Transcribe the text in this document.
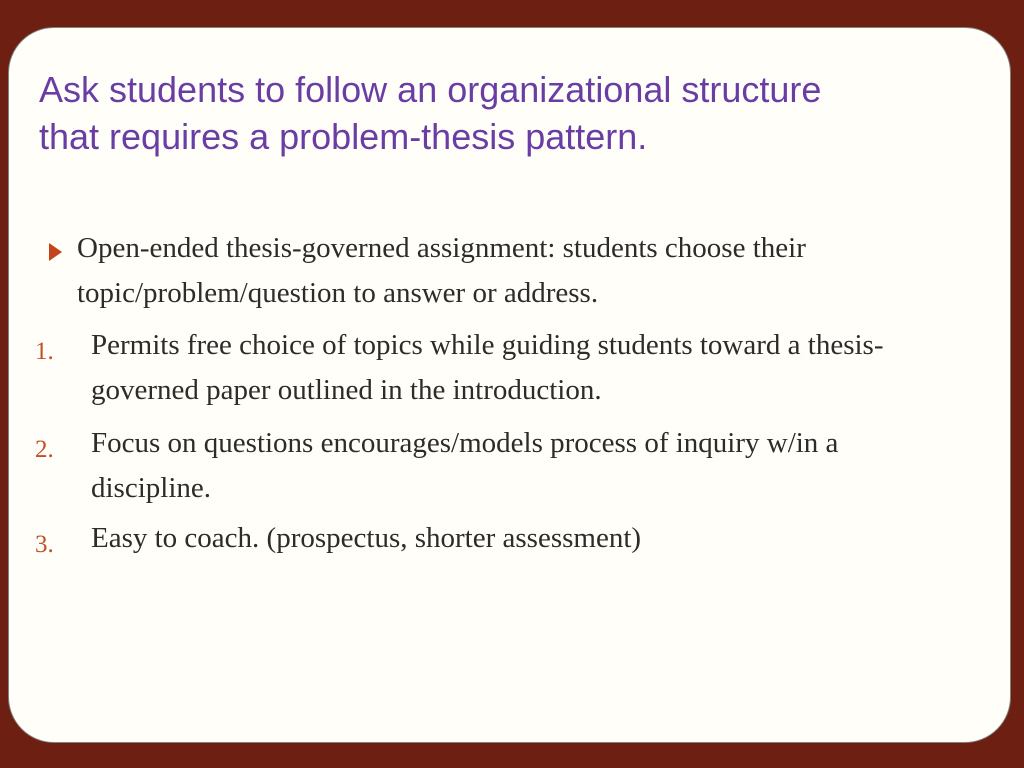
Ask students to follow an organizational structure
that requires a problem-thesis pattern.
Open-ended thesis-governed assignment: students choose their
topic/problem/question to answer or address.
1. Permits free choice of topics while guiding students toward a thesis-
governed paper outlined in the introduction.
2. Focus on questions encourages/models process of inquiry w/in a
discipline.
3. Easy to coach. (prospectus, shorter assessment)
